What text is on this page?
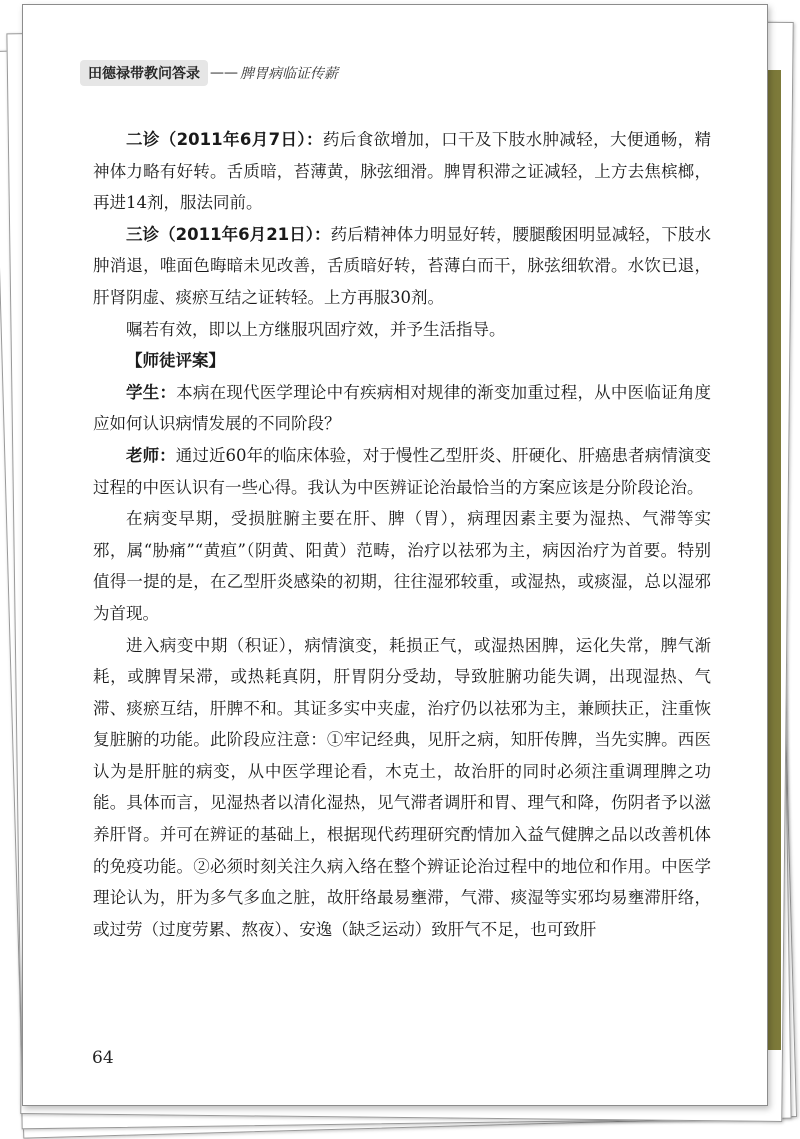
田德禄带教问答录 —— 脾胃病临证传薪

二诊（2011年6月7日）：药后食欲增加，口干及下肢水肿减轻，大便通畅，精神体力略有好转。舌质暗，苔薄黄，脉弦细滑。脾胃积滞之证减轻，上方去焦槟榔，再进14剂，服法同前。

三诊（2011年6月21日）：药后精神体力明显好转，腰腿酸困明显减轻，下肢水肿消退，唯面色晦暗未见改善，舌质暗好转，苔薄白而干，脉弦细软滑。水饮已退，肝肾阴虚、痰瘀互结之证转轻。上方再服30剂。

嘱若有效，即以上方继服巩固疗效，并予生活指导。

【师徒评案】

学生：本病在现代医学理论中有疾病相对规律的渐变加重过程，从中医临证角度应如何认识病情发展的不同阶段？

老师：通过近60年的临床体验，对于慢性乙型肝炎、肝硬化、肝癌患者病情演变过程的中医认识有一些心得。我认为中医辨证论治最恰当的方案应该是分阶段论治。

在病变早期，受损脏腑主要在肝、脾（胃），病理因素主要为湿热、气滞等实邪，属“胁痛”“黄疸”（阴黄、阳黄）范畴，治疗以祛邪为主，病因治疗为首要。特别值得一提的是，在乙型肝炎感染的初期，往往湿邪较重，或湿热，或痰湿，总以湿邪为首现。

进入病变中期（积证），病情演变，耗损正气，或湿热困脾，运化失常，脾气渐耗，或脾胃呆滞，或热耗真阴，肝胃阴分受劫，导致脏腑功能失调，出现湿热、气滞、痰瘀互结，肝脾不和。其证多实中夹虚，治疗仍以祛邪为主，兼顾扶正，注重恢复脏腑的功能。此阶段应注意：①牢记经典，见肝之病，知肝传脾，当先实脾。西医认为是肝脏的病变，从中医学理论看，木克土，故治肝的同时必须注重调理脾之功能。具体而言，见湿热者以清化湿热，见气滞者调肝和胃、理气和降，伤阴者予以滋养肝肾。并可在辨证的基础上，根据现代药理研究酌情加入益气健脾之品以改善机体的免疫功能。②必须时刻关注久病入络在整个辨证论治过程中的地位和作用。中医学理论认为，肝为多气多血之脏，故肝络最易壅滞，气滞、痰湿等实邪均易壅滞肝络，或过劳（过度劳累、熬夜）、安逸（缺乏运动）致肝气不足，也可致肝

64
